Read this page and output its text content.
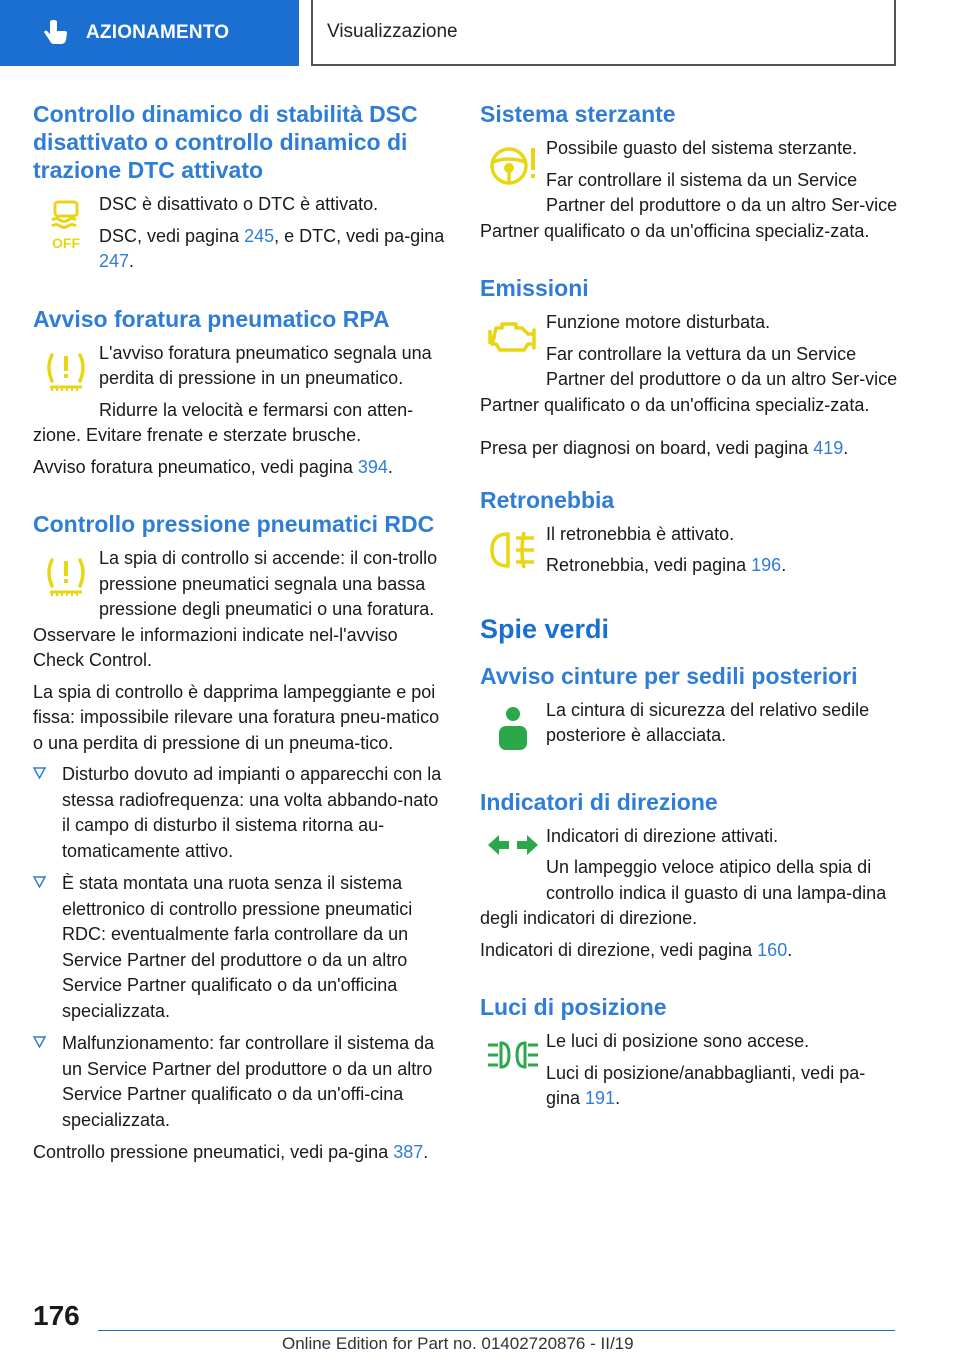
AZIONAMENTO	Visualizzazione
Controllo dinamico di stabilità DSC disattivato o controllo dinamico di trazione DTC attivato
OFF

DSC è disattivato o DTC è attivato.

DSC, vedi pagina 245, e DTC, vedi pa-gina 247.

Avviso foratura pneumatico RPA

L'avviso foratura pneumatico segnala una perdita di pressione in un pneumatico.

Ridurre la velocità e fermarsi con atten-zione. Evitare frenate e sterzate brusche.

Avviso foratura pneumatico, vedi pagina 394.

Controllo pressione pneumatici RDC

La spia di controllo si accende: il con-trollo pressione pneumatici segnala una bassa pressione degli pneumatici o una foratura. Osservare le informazioni indicate nel-l'avviso Check Control.

La spia di controllo è dapprima lampeggiante e poi fissa: impossibile rilevare una foratura pneu-matico o una perdita di pressione di un pneuma-tico.

Disturbo dovuto ad impianti o apparecchi con la stessa radiofrequenza: una volta abbando-nato il campo di disturbo il sistema ritorna au-tomaticamente attivo.
È stata montata una ruota senza il sistema elettronico di controllo pressione pneumatici RDC: eventualmente farla controllare da un Service Partner del produttore o da un altro Service Partner qualificato o da un'officina specializzata.
Malfunzionamento: far controllare il sistema da un Service Partner del produttore o da un altro Service Partner qualificato o da un'offi-cina specializzata.

Controllo pressione pneumatici, vedi pa-gina 387.

Sistema sterzante

Possibile guasto del sistema sterzante.

Far controllare il sistema da un Service Partner del produttore o da un altro Ser-vice Partner qualificato o da un'officina specializ-zata.

Emissioni

Funzione motore disturbata.

Far controllare la vettura da un Service Partner del produttore o da un altro Ser-vice Partner qualificato o da un'officina specializ-zata.

Presa per diagnosi on board, vedi pagina 419.

Retronebbia

Il retronebbia è attivato.

Retronebbia, vedi pagina 196.

Spie verdi
Avviso cinture per sedili posteriori

La cintura di sicurezza del relativo sedile posteriore è allacciata.

Indicatori di direzione

Indicatori di direzione attivati.

Un lampeggio veloce atipico della spia di controllo indica il guasto di una lampa-dina degli indicatori di direzione.

Indicatori di direzione, vedi pagina 160.

Luci di posizione

Le luci di posizione sono accese.

Luci di posizione/anabbaglianti, vedi pa-gina 191.

176
Online Edition for Part no. 01402720876 - II/19
